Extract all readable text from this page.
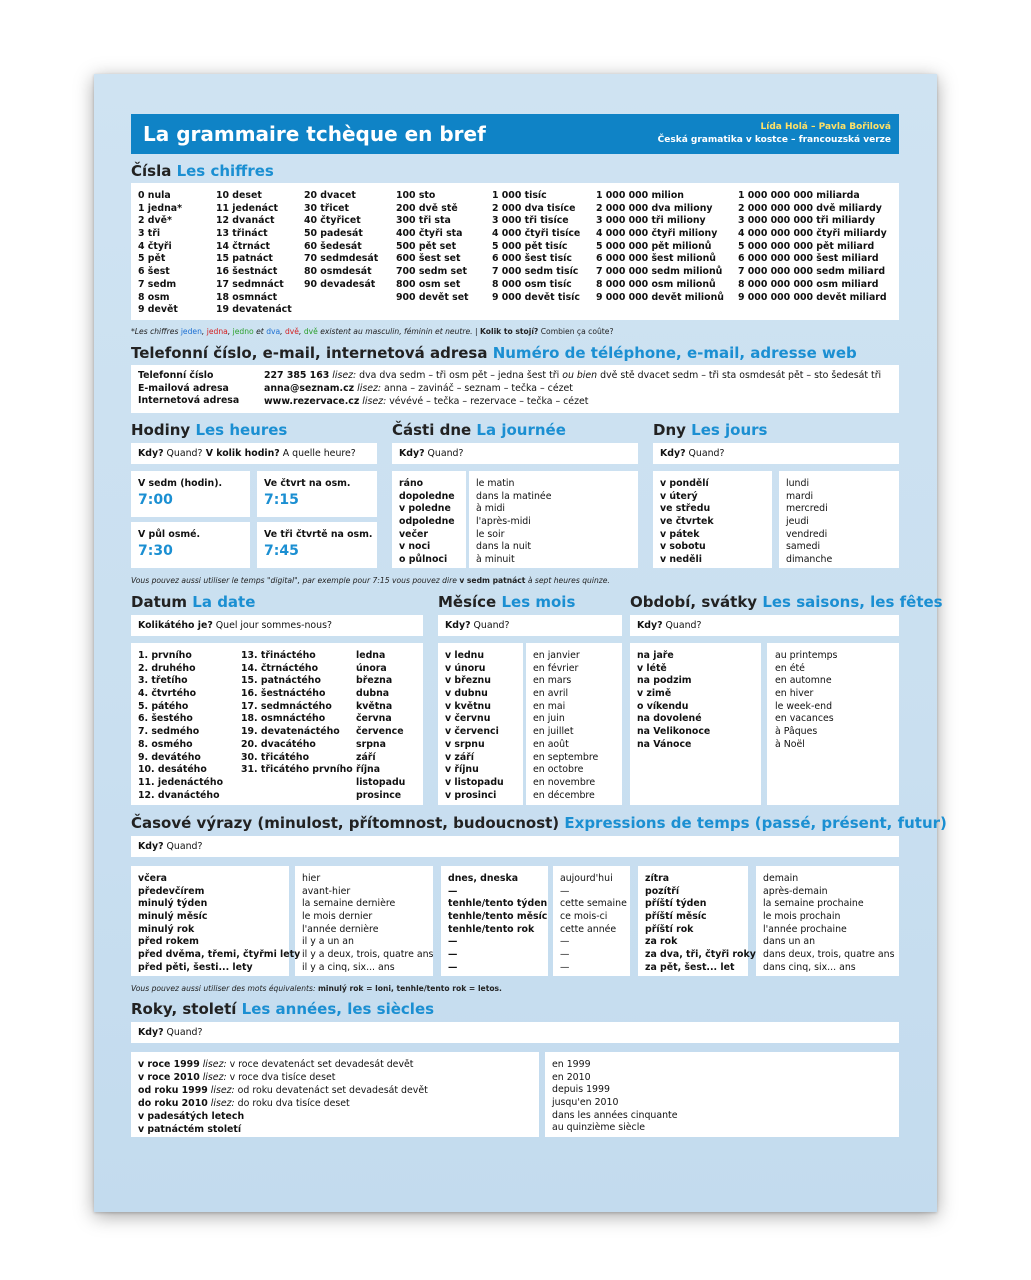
La grammaire tchèque en bref	Lída Holá – Pavla Bořilová
Česká gramatika v kostce – francouzská verze
Čísla Les chiffres
0 nula
1 jedna*
2 dvě*
3 tři
4 čtyři
5 pět
6 šest
7 sedm
8 osm
9 devět
10 deset
11 jedenáct
12 dvanáct
13 třináct
14 čtrnáct
15 patnáct
16 šestnáct
17 sedmnáct
18 osmnáct
19 devatenáct
20 dvacet
30 třicet
40 čtyřicet
50 padesát
60 šedesát
70 sedmdesát
80 osmdesát
90 devadesát
100 sto
200 dvě stě
300 tři sta
400 čtyři sta
500 pět set
600 šest set
700 sedm set
800 osm set
900 devět set
1 000 tisíc
2 000 dva tisíce
3 000 tři tisíce
4 000 čtyři tisíce
5 000 pět tisíc
6 000 šest tisíc
7 000 sedm tisíc
8 000 osm tisíc
9 000 devět tisíc
1 000 000 milion
2 000 000 dva miliony
3 000 000 tři miliony
4 000 000 čtyři miliony
5 000 000 pět milionů
6 000 000 šest milionů
7 000 000 sedm milionů
8 000 000 osm milionů
9 000 000 devět milionů
1 000 000 000 miliarda
2 000 000 000 dvě miliardy
3 000 000 000 tři miliardy
4 000 000 000 čtyři miliardy
5 000 000 000 pět miliard
6 000 000 000 šest miliard
7 000 000 000 sedm miliard
8 000 000 000 osm miliard
9 000 000 000 devět miliard
*Les chiffres jeden, jedna, jedno et dva, dvě, dvě existent au masculin, féminin et neutre. | Kolik to stojí? Combien ça coûte?
Telefonní číslo, e-mail, internetová adresa Numéro de téléphone, e-mail, adresse web
Telefonní číslo
E-mailová adresa
Internetová adresa
227 385 163 lisez: dva dva sedm – tři osm pět – jedna šest tři ou bien dvě stě dvacet sedm – tři sta osmdesát pět – sto šedesát tři
anna@seznam.cz lisez: anna – zavináč – seznam – tečka – cézet
www.rezervace.cz lisez: vévévé – tečka – rezervace – tečka – cézet
Hodiny Les heures
Kdy? Quand? V kolik hodin? A quelle heure?
V sedm (hodin).
7:00
Ve čtvrt na osm.
7:15
V půl osmé.
7:30
Ve tři čtvrtě na osm.
7:45
Vous pouvez aussi utiliser le temps "digital", par exemple pour 7:15 vous pouvez dire v sedm patnáct à sept heures quinze.
Části dne La journée
Kdy? Quand?
ráno
dopoledne
v poledne
odpoledne
večer
v noci
o půlnoci
le matin
dans la matinée
à midi
l'après-midi
le soir
dans la nuit
à minuit
Dny Les jours
Kdy? Quand?
v pondělí
v úterý
ve středu
ve čtvrtek
v pátek
v sobotu
v neděli
lundi
mardi
mercredi
jeudi
vendredi
samedi
dimanche
Datum La date
Kolikátého je? Quel jour sommes-nous?
1. prvního
2. druhého
3. třetího
4. čtvrtého
5. pátého
6. šestého
7. sedmého
8. osmého
9. devátého
10. desátého
11. jedenáctého
12. dvanáctého
13. třináctého
14. čtrnáctého
15. patnáctého
16. šestnáctého
17. sedmnáctého
18. osmnáctého
19. devatenáctého
20. dvacátého
30. třicátého
31. třicátého prvního
ledna
února
března
dubna
května
června
července
srpna
září
října
listopadu
prosince
Měsíce Les mois
Kdy? Quand?
v lednu
v únoru
v březnu
v dubnu
v květnu
v červnu
v červenci
v srpnu
v září
v říjnu
v listopadu
v prosinci
en janvier
en février
en mars
en avril
en mai
en juin
en juillet
en août
en septembre
en octobre
en novembre
en décembre
Období, svátky Les saisons, les fêtes
Kdy? Quand?
na jaře
v létě
na podzim
v zimě
o víkendu
na dovolené
na Velikonoce
na Vánoce
au printemps
en été
en automne
en hiver
le week-end
en vacances
à Pâques
à Noël
Časové výrazy (minulost, přítomnost, budoucnost) Expressions de temps (passé, présent, futur)
Kdy? Quand?
včera
předevčírem
minulý týden
minulý měsíc
minulý rok
před rokem
před dvěma, třemi, čtyřmi lety
před pěti, šesti... lety
hier
avant-hier
la semaine dernière
le mois dernier
l'année dernière
il y a un an
il y a deux, trois, quatre ans
il y a cinq, six... ans
dnes, dneska
—
tenhle/tento týden
tenhle/tento měsíc
tenhle/tento rok
—
—
—
aujourd'hui
—
cette semaine
ce mois-ci
cette année
—
—
—
zítra
pozítří
příští týden
příští měsíc
příští rok
za rok
za dva, tři, čtyři roky
za pět, šest... let
demain
après-demain
la semaine prochaine
le mois prochain
l'année prochaine
dans un an
dans deux, trois, quatre ans
dans cinq, six... ans
Vous pouvez aussi utiliser des mots équivalents: minulý rok = loni, tenhle/tento rok = letos.
Roky, století Les années, les siècles
Kdy? Quand?
v roce 1999 lisez: v roce devatenáct set devadesát devět
v roce 2010 lisez: v roce dva tisíce deset
od roku 1999 lisez: od roku devatenáct set devadesát devět
do roku 2010 lisez: do roku dva tisíce deset
v padesátých letech
v patnáctém století
en 1999
en 2010
depuis 1999
jusqu'en 2010
dans les années cinquante
au quinzième siècle
